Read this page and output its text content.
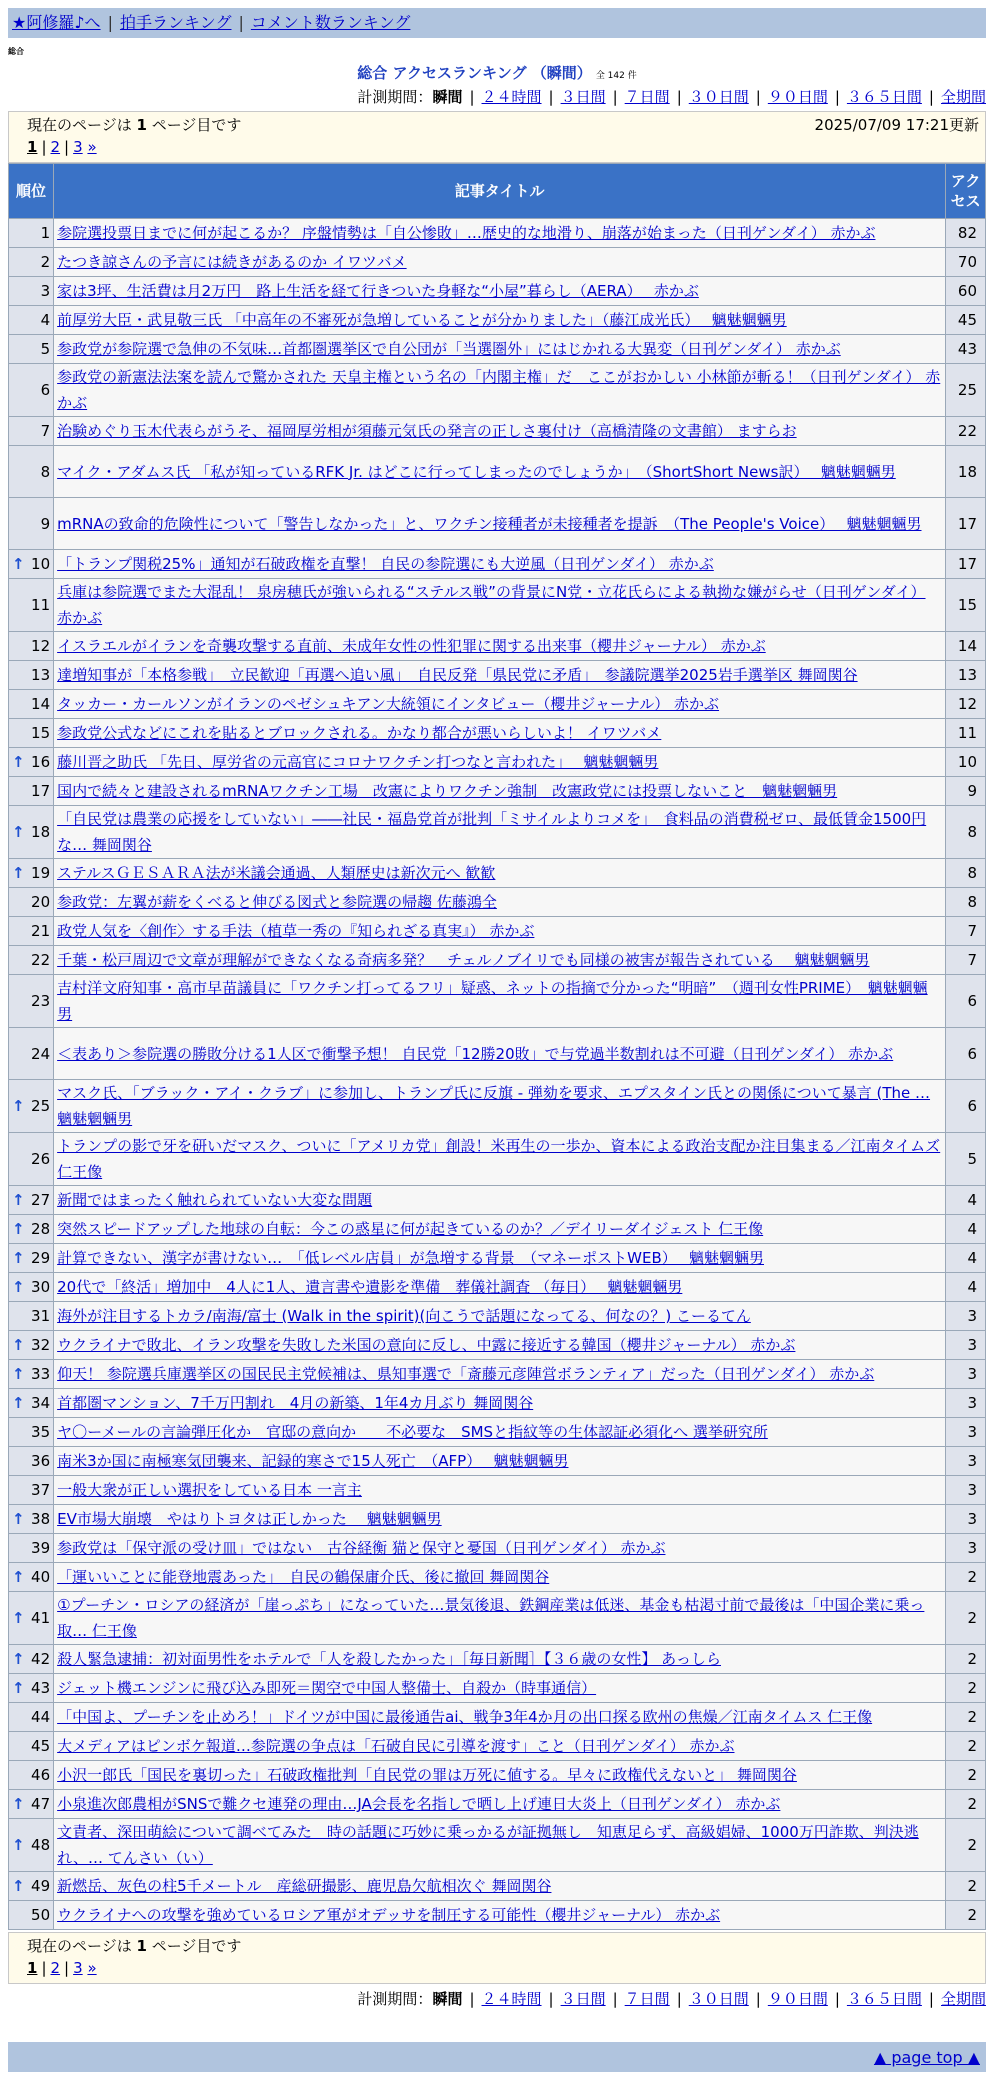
★阿修羅♪へ | 拍手ランキング | コメント数ランキング
総合
総合 アクセスランキング （瞬間） 全 142 件
計測期間：瞬間 | ２４時間 | ３日間 | ７日間 | ３０日間 | ９０日間 | ３６５日間 | 全期間
現在のページは 1 ページ目です	2025/07/09 17:21更新
1 | 2 | 3 »
順位	記事タイトル	アクセス
1	参院選投票日までに何が起こるか？ 序盤情勢は「自公惨敗」…歴史的な地滑り、崩落が始まった（日刊ゲンダイ） 赤かぶ	82
2	たつき諒さんの予言には続きがあるのか イワツバメ	70
3	家は3坪、生活費は月2万円　路上生活を経て行きついた身軽な“小屋”暮らし（AERA）　 赤かぶ	60
4	前厚労大臣・武見敬三氏 「中高年の不審死が急増していることが分かりました」（藤江成光氏）　 魑魅魍魎男	45
5	参政党が参院選で急伸の不気味…首都圏選挙区で自公団が「当選圏外」にはじかれる大異変（日刊ゲンダイ） 赤かぶ	43
6	参政党の新憲法法案を読んで驚かされた 天皇主権という名の「内閣主権」だ　ここがおかしい 小林節が斬る！（日刊ゲンダイ） 赤かぶ	25
7	治験めぐり玉木代表らがうそ、福岡厚労相が須藤元気氏の発言の正しさ裏付け（高橋清隆の文書館） ますらお	22
8	マイク・アダムス氏 「私が知っているRFK Jr. はどこに行ってしまったのでしょうか」　（ShortShort News訳）　 魑魅魍魎男	18
9	mRNAの致命的危険性について「警告しなかった」と、ワクチン接種者が未接種者を提訴　（The People's Voice）　 魑魅魍魎男	17

↑ 10	「トランプ関税25%」通知が石破政権を直撃！ 自民の参院選にも大逆風（日刊ゲンダイ） 赤かぶ	17
11	兵庫は参院選でまた大混乱！ 泉房穂氏が強いられる“ステルス戦”の背景にN党・立花氏らによる執拗な嫌がらせ（日刊ゲンダイ） 赤かぶ	15
12	イスラエルがイランを奇襲攻撃する直前、未成年女性の性犯罪に関する出来事（櫻井ジャーナル） 赤かぶ	14
13	達増知事が「本格参戦」　立民歓迎「再選へ追い風」　自民反発「県民党に矛盾」　参議院選挙2025岩手選挙区 舞岡関谷	13
14	タッカー・カールソンがイランのペゼシュキアン大統領にインタビュー（櫻井ジャーナル） 赤かぶ	12
15	参政党公式などにこれを貼るとブロックされる。かなり都合が悪いらしいよ！ イワツバメ	11

↑ 16	藤川晋之助氏 「先日、厚労省の元高官にコロナワクチン打つなと言われた」　 魑魅魍魎男	10
17	国内で続々と建設されるmRNAワクチン工場　改憲によりワクチン強制　改憲政党には投票しないこと　魑魅魍魎男	9

↑ 18	「自民党は農業の応援をしていない」――社民・福島党首が批判「ミサイルよりコメを」　食料品の消費税ゼロ、最低賃金1500円な… 舞岡関谷	8

↑ 19	ステルスＧＥＳＡＲＡ法が米議会通過、人類歴史は新次元へ 歓歓	8
20	参政党：左翼が薪をくべると伸びる図式と参院選の帰趨 佐藤鴻全	8
21	政党人気を〈創作〉する手法（植草一秀の『知られざる真実』） 赤かぶ	7
22	千葉・松戸周辺で文章が理解ができなくなる奇病多発？　チェルノブイリでも同様の被害が報告されている　 魑魅魍魎男	7
23	吉村洋文府知事・高市早苗議員に「ワクチン打ってるフリ」疑惑、ネットの指摘で分かった“明暗”　（週刊女性PRIME）　魑魅魍魎男	6
24	＜表あり＞参院選の勝敗分ける1人区で衝撃予想！ 自民党「12勝20敗」で与党過半数割れは不可避（日刊ゲンダイ） 赤かぶ	6

↑ 25	マスク氏、「ブラック・アイ・クラブ」に参加し、トランプ氏に反旗 - 弾劾を要求、エプスタイン氏との関係について暴言 (The … 魑魅魍魎男	6
26	トランプの影で牙を研いだマスク、ついに「アメリカ党」創設！米再生の一歩か、資本による政治支配か注目集まる／江南タイムズ 仁王像	5

↑ 27	新聞ではまったく触れられていない大変な問題	4

↑ 28	突然スピードアップした地球の自転：今この惑星に何が起きているのか？／デイリーダイジェスト 仁王像	4

↑ 29	計算できない、漢字が書けない…　「低レベル店員」が急増する背景　（マネーポストWEB）　 魑魅魍魎男	4

↑ 30	20代で「終活」増加中　4人に1人、遺言書や遺影を準備　葬儀社調査 （毎日）　 魑魅魍魎男	4
31	海外が注目するトカラ/南海/富士 (Walk in the spirit)(向こうで話題になってる、何なの？) こーるてん	3

↑ 32	ウクライナで敗北、イラン攻撃を失敗した米国の意向に反し、中露に接近する韓国（櫻井ジャーナル） 赤かぶ	3

↑ 33	仰天！ 参院選兵庫選挙区の国民民主党候補は、県知事選で「斎藤元彦陣営ボランティア」だった（日刊ゲンダイ） 赤かぶ	3

↑ 34	首都圏マンション、7千万円割れ　4月の新築、1年4カ月ぶり 舞岡関谷	3
35	ヤ〇ーメールの言論弾圧化か　官邸の意向か　　不必要な　SMSと指紋等の生体認証必須化へ 選挙研究所	3
36	南米3か国に南極寒気団襲来、記録的寒さで15人死亡　（AFP）　 魑魅魍魎男	3
37	一般大衆が正しい選択をしている日本 一言主	3

↑ 38	EV市場大崩壊　やはりトヨタは正しかった　 魑魅魍魎男	3
39	参政党は「保守派の受け皿」ではない　古谷経衡 猫と保守と憂国（日刊ゲンダイ） 赤かぶ	3

↑ 40	「運いいことに能登地震あった」　自民の鶴保庸介氏、後に撤回 舞岡関谷	2

↑ 41	①プーチン・ロシアの経済が「崖っぷち」になっていた…景気後退、鉄鋼産業は低迷、基金も枯渇寸前で最後は「中国企業に乗っ取… 仁王像	2

↑ 42	殺人緊急逮捕：初対面男性をホテルで「人を殺したかった」［毎日新聞］【３６歳の女性】 あっしら	2

↑ 43	ジェット機エンジンに飛び込み即死＝関空で中国人整備士、自殺か（時事通信）	2
44	「中国よ、プーチンを止めろ！」ドイツが中国に最後通告ai、戦争3年4か月の出口探る欧州の焦燥／江南タイムス 仁王像	2
45	大メディアはピンボケ報道…参院選の争点は「石破自民に引導を渡す」こと（日刊ゲンダイ） 赤かぶ	2
46	小沢一郎氏「国民を裏切った」石破政権批判「自民党の罪は万死に値する。早々に政権代えないと」 舞岡関谷	2

↑ 47	小泉進次郎農相がSNSで難クセ連発の理由…JA会長を名指しで晒し上げ連日大炎上（日刊ゲンダイ） 赤かぶ	2

↑ 48	文責者、深田萌絵について調べてみた　時の話題に巧妙に乗っかるが証拠無し　知恵足らず、高級娼婦、1000万円詐欺、判決逃れ、… てんさい（い）	2

↑ 49	新燃岳、灰色の柱5千メートル　産総研撮影、鹿児島欠航相次ぐ 舞岡関谷	2
50	ウクライナへの攻撃を強めているロシア軍がオデッサを制圧する可能性（櫻井ジャーナル） 赤かぶ	2
現在のページは 1 ページ目です
1 | 2 | 3 »
計測期間：瞬間 | ２４時間 | ３日間 | ７日間 | ３０日間 | ９０日間 | ３６５日間 | 全期間
▲ page top ▲
